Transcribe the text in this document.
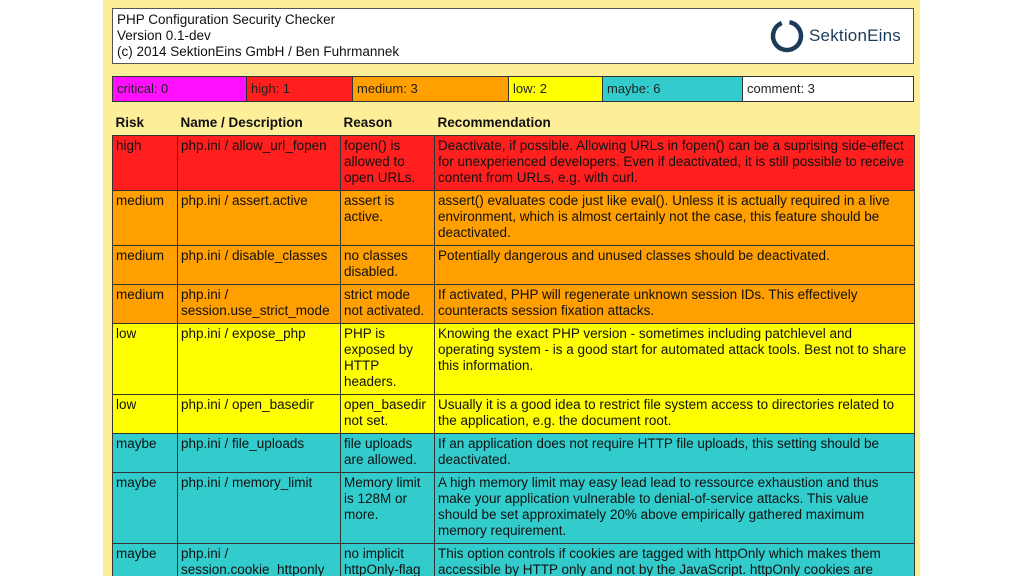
PHP Configuration Security Checker
Version 0.1-dev
(c) 2014 SektionEins GmbH / Ben Fuhrmannek
SektionEins
critical: 0	high: 1	medium: 3	low: 2	maybe: 6	comment: 3
Risk	Name / Description	Reason	Recommendation
high	php.ini / allow_url_fopen	fopen() is allowed to open URLs.	Deactivate, if possible. Allowing URLs in fopen() can be a suprising side-effect for unexperienced developers. Even if deactivated, it is still possible to receive content from URLs, e.g. with curl.
medium	php.ini / assert.active	assert is active.	assert() evaluates code just like eval(). Unless it is actually required in a live environment, which is almost certainly not the case, this feature should be deactivated.
medium	php.ini / disable_classes	no classes disabled.	Potentially dangerous and unused classes should be deactivated.
medium	php.ini / session.use_strict_mode	strict mode not activated.	If activated, PHP will regenerate unknown session IDs. This effectively counteracts session fixation attacks.
low	php.ini / expose_php	PHP is exposed by HTTP headers.	Knowing the exact PHP version - sometimes including patchlevel and operating system - is a good start for automated attack tools. Best not to share this information.
low	php.ini / open_basedir	open_basedir not set.	Usually it is a good idea to restrict file system access to directories related to the application, e.g. the document root.
maybe	php.ini / file_uploads	file uploads are allowed.	If an application does not require HTTP file uploads, this setting should be deactivated.
maybe	php.ini / memory_limit	Memory limit is 128M or more.	A high memory limit may easy lead lead to ressource exhaustion and thus make your application vulnerable to denial-of-service attacks. This value should be set approximately 20% above empirically gathered maximum memory requirement.
maybe	php.ini / session.cookie_httponly	no implicit httpOnly-flag	This option controls if cookies are tagged with httpOnly which makes them accessible by HTTP only and not by the JavaScript. httpOnly cookies are
